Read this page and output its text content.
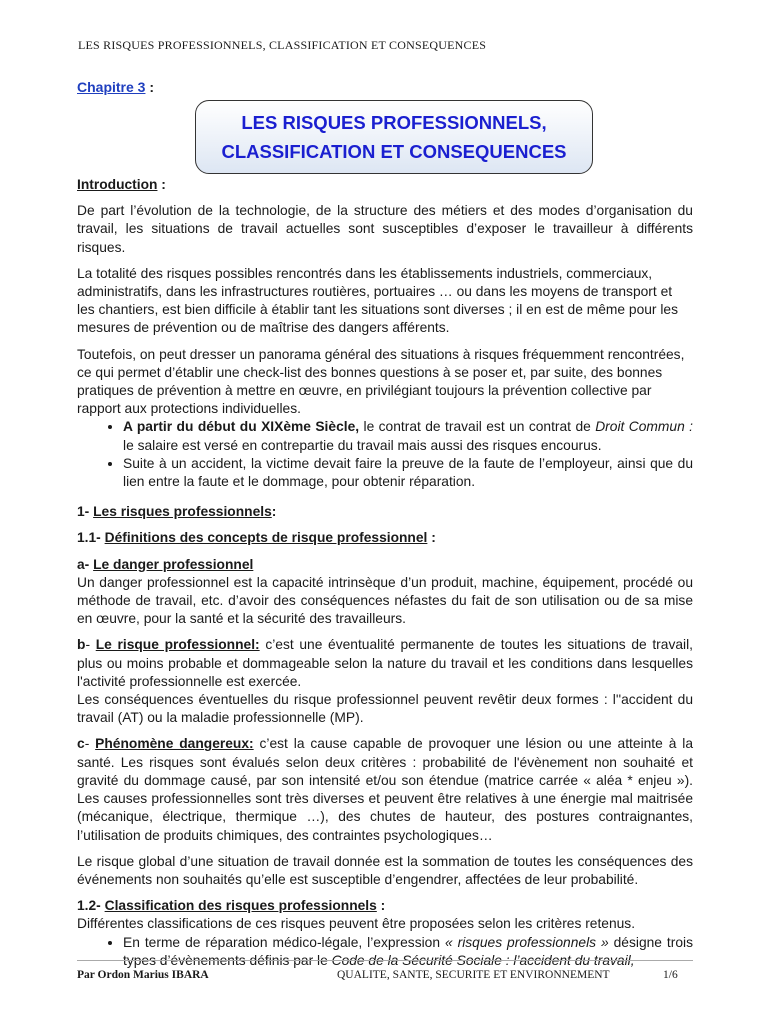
LES RISQUES PROFESSIONNELS, CLASSIFICATION ET CONSEQUENCES
Chapitre 3 :
LES RISQUES PROFESSIONNELS,
CLASSIFICATION ET CONSEQUENCES

Introduction :

De part l’évolution de la technologie, de la structure des métiers et des modes d’organisation du travail, les situations de travail actuelles sont susceptibles d’exposer le travailleur à différents risques.

La totalité des risques possibles rencontrés dans les établissements industriels, commerciaux, administratifs, dans les infrastructures routières, portuaires … ou dans les moyens de transport et les chantiers, est bien difficile à établir tant les situations sont diverses ; il en est de même pour les mesures de prévention ou de maîtrise des dangers afférents.

Toutefois, on peut dresser un panorama général des situations à risques fréquemment rencontrées, ce qui permet d’établir une check-list des bonnes questions à se poser et, par suite, des bonnes pratiques de prévention à mettre en œuvre, en privilégiant toujours la prévention collective par rapport aux protections individuelles.

• A partir du début du XIXème Siècle, le contrat de travail est un contrat de Droit Commun : le salaire est versé en contrepartie du travail mais aussi des risques encourus.
• Suite à un accident, la victime devait faire la preuve de la faute de l’employeur, ainsi que du lien entre la faute et le dommage, pour obtenir réparation.

1- Les risques professionnels:

1.1- Définitions des concepts de risque professionnel :

a- Le danger professionnel

Un danger professionnel est la capacité intrinsèque d’un produit, machine, équipement, procédé ou méthode de travail, etc. d’avoir des conséquences néfastes du fait de son utilisation ou de sa mise en œuvre, pour la santé et la sécurité des travailleurs.

b- Le risque professionnel: c’est une éventualité permanente de toutes les situations de travail, plus ou moins probable et dommageable selon la nature du travail et les conditions dans lesquelles l'activité professionnelle est exercée.

Les conséquences éventuelles du risque professionnel peuvent revêtir deux formes : l''accident du travail (AT) ou la maladie professionnelle (MP).

c- Phénomène dangereux: c’est la cause capable de provoquer une lésion ou une atteinte à la santé. Les risques sont évalués selon deux critères : probabilité de l'évènement non souhaité et gravité du dommage causé, par son intensité et/ou son étendue (matrice carrée « aléa * enjeu »). Les causes professionnelles sont très diverses et peuvent être relatives à une énergie mal maitrisée (mécanique, électrique, thermique …), des chutes de hauteur, des postures contraignantes, l’utilisation de produits chimiques, des contraintes psychologiques…

Le risque global d’une situation de travail donnée est la sommation de toutes les conséquences des événements non souhaités qu’elle est susceptible d’engendrer, affectées de leur probabilité.

1.2- Classification des risques professionnels :

Différentes classifications de ces risques peuvent être proposées selon les critères retenus.

• En terme de réparation médico-légale, l’expression « risques professionnels » désigne trois types d’évènements définis par le Code de la Sécurité Sociale : l’accident du travail,
Par Ordon Marius IBARA	QUALITE, SANTE, SECURITE ET ENVIRONNEMENT	1/6
